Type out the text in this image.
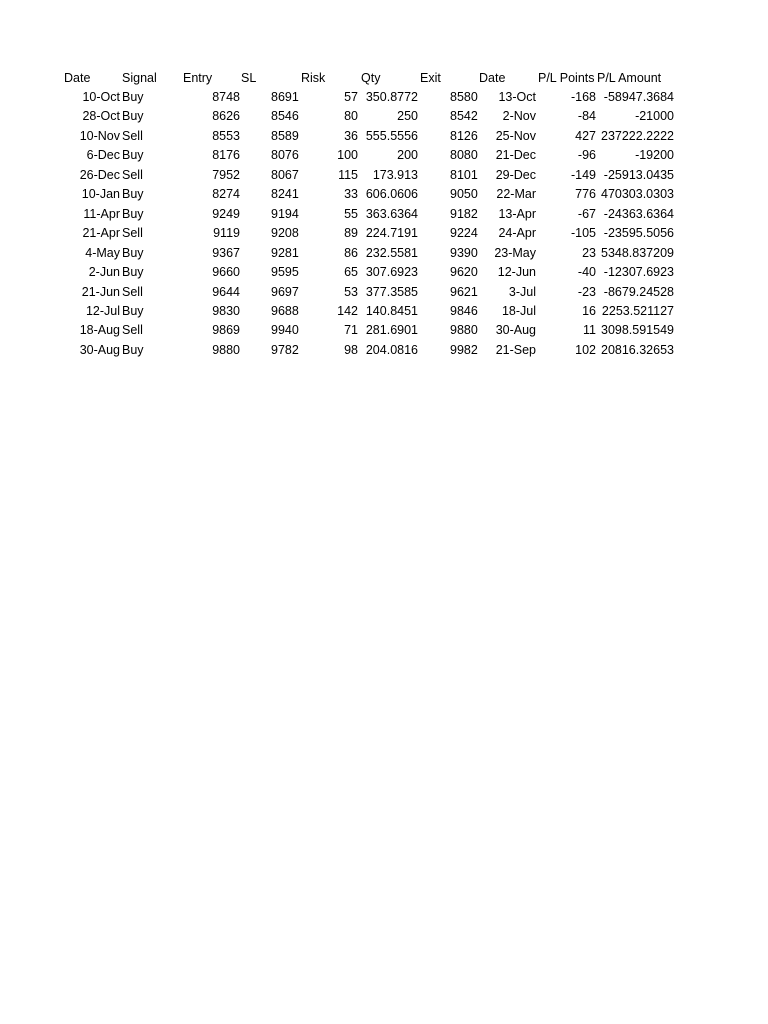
Date	Signal	Entry	SL	Risk	Qty	Exit	Date	P/L Points P/L Amount
10-Oct Buy	8748 8691	57 350.8772	8580	13-Oct	-168 -58947.3684
28-Oct Buy	8626 8546	80	250	8542	2-Nov	-84	-21000
10-Nov Sell	8553 8589	36 555.5556	8126	25-Nov	427 237222.2222
6-Dec Buy	8176 8076	100	200	8080	21-Dec	-96	-19200
26-Dec Sell	7952 8067	115	173.913	8101	29-Dec	-149 -25913.0435
10-Jan Buy	8274 8241	33 606.0606	9050	22-Mar	776 470303.0303
11-Apr Buy	9249 9194	55 363.6364	9182	13-Apr	-67 -24363.6364
21-Apr Sell	9119 9208	89 224.7191	9224	24-Apr	-105 -23595.5056
4-May Buy	9367 9281	86 232.5581	9390	23-May	23 5348.837209
2-Jun Buy	9660 9595	65 307.6923	9620	12-Jun	-40 -12307.6923
21-Jun Sell	9644 9697	53 377.3585	9621	3-Jul	-23 -8679.24528
12-Jul Buy	9830 9688	142 140.8451	9846	18-Jul	16 2253.521127
18-Aug Sell	9869 9940	71 281.6901	9880	30-Aug	11 3098.591549
30-Aug Buy	9880 9782	98 204.0816	9982	21-Sep	102 20816.32653
